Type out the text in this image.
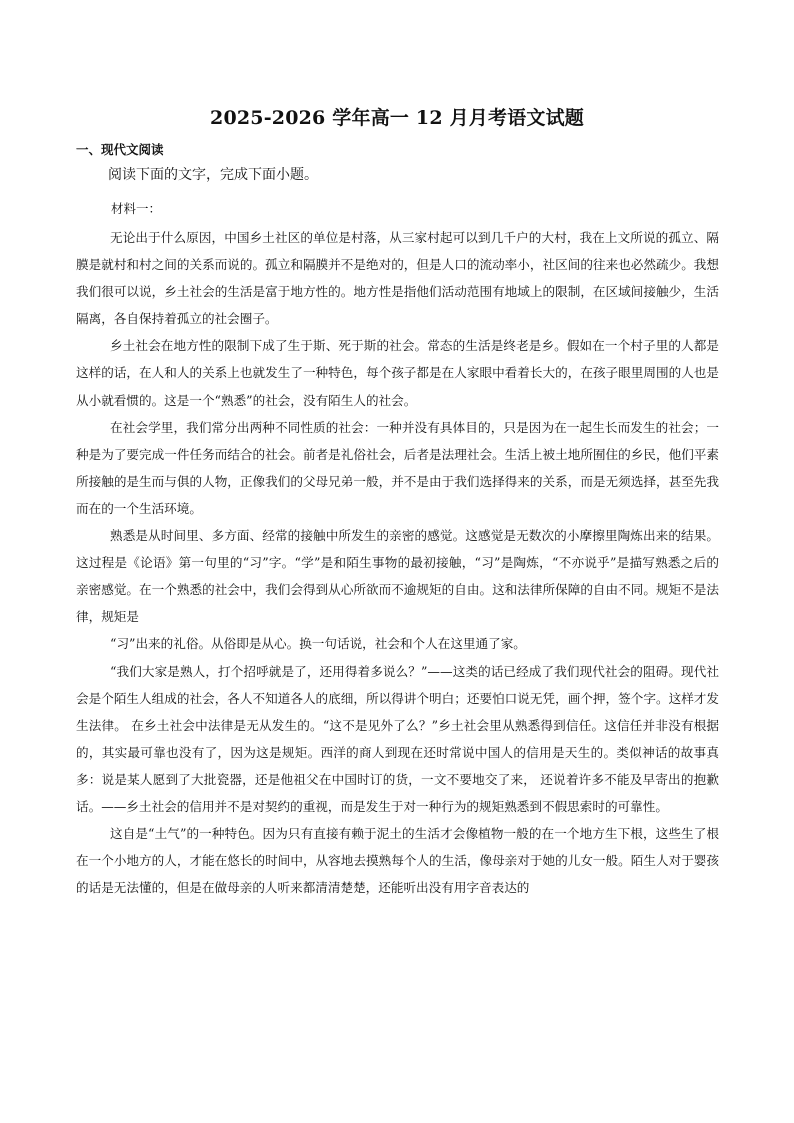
2025-2026 学年高一 12 月月考语文试题
一、现代文阅读
阅读下面的文字，完成下面小题。
材料一：

无论出于什么原因，中国乡土社区的单位是村落，从三家村起可以到几千户的大村，我在上文所说的孤立、隔膜是就村和村之间的关系而说的。孤立和隔膜并不是绝对的，但是人口的流动率小，社区间的往来也必然疏少。我想我们很可以说，乡土社会的生活是富于地方性的。地方性是指他们活动范围有地域上的限制，在区域间接触少，生活隔离，各自保持着孤立的社会圈子。

乡土社会在地方性的限制下成了生于斯、死于斯的社会。常态的生活是终老是乡。假如在一个村子里的人都是这样的话，在人和人的关系上也就发生了一种特色，每个孩子都是在人家眼中看着长大的，在孩子眼里周围的人也是从小就看惯的。这是一个“熟悉”的社会，没有陌生人的社会。

在社会学里，我们常分出两种不同性质的社会：一种并没有具体目的，只是因为在一起生长而发生的社会；一种是为了要完成一件任务而结合的社会。前者是礼俗社会，后者是法理社会。生活上被土地所囿住的乡民，他们平素所接触的是生而与俱的人物，正像我们的父母兄弟一般，并不是由于我们选择得来的关系，而是无须选择，甚至先我而在的一个生活环境。

熟悉是从时间里、多方面、经常的接触中所发生的亲密的感觉。这感觉是无数次的小摩擦里陶炼出来的结果。这过程是《论语》第一句里的“习”字。“学”是和陌生事物的最初接触，“习”是陶炼，“不亦说乎”是描写熟悉之后的亲密感觉。在一个熟悉的社会中，我们会得到从心所欲而不逾规矩的自由。这和法律所保障的自由不同。规矩不是法律，规矩是

“习”出来的礼俗。从俗即是从心。换一句话说，社会和个人在这里通了家。

“我们大家是熟人，打个招呼就是了，还用得着多说么？”——这类的话已经成了我们现代社会的阻碍。现代社会是个陌生人组成的社会，各人不知道各人的底细，所以得讲个明白；还要怕口说无凭，画个押，签个字。这样才发生法律。 在乡土社会中法律是无从发生的。“这不是见外了么？”乡土社会里从熟悉得到信任。这信任并非没有根据的，其实最可靠也没有了，因为这是规矩。西洋的商人到现在还时常说中国人的信用是天生的。类似神话的故事真多：说是某人愿到了大批瓷器，还是他祖父在中国时订的货，一文不要地交了来， 还说着许多不能及早寄出的抱歉话。——乡土社会的信用并不是对契约的重视，而是发生于对一种行为的规矩熟悉到不假思索时的可靠性。

这自是“土气”的一种特色。因为只有直接有赖于泥土的生活才会像植物一般的在一个地方生下根，这些生了根在一个小地方的人，才能在悠长的时间中，从容地去摸熟每个人的生活，像母亲对于她的儿女一般。陌生人对于婴孩的话是无法懂的，但是在做母亲的人听来都清清楚楚，还能听出没有用字音表达的
